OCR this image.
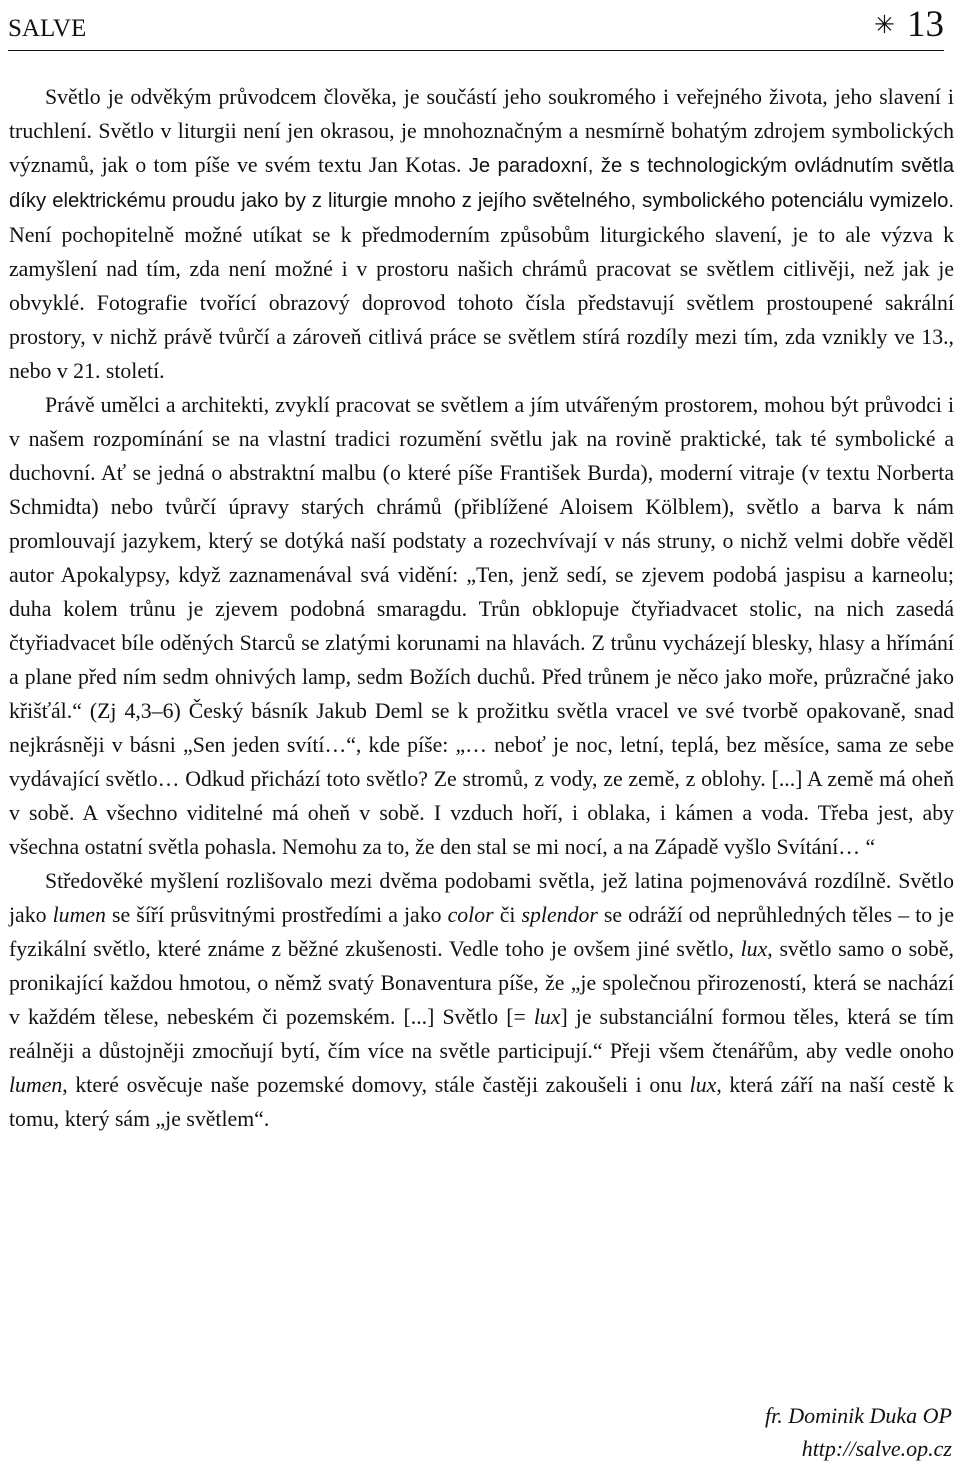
SALVE	✳ 13

Světlo je odvěkým průvodcem člověka, je součástí jeho soukromého i veřejného života, jeho slavení i truchlení. Světlo v liturgii není jen okrasou, je mnohoznačným a nesmírně bohatým zdrojem symbolických významů, jak o tom píše ve svém textu Jan Kotas. Je paradoxní, že s technologickým ovládnutím světla díky elektrickému proudu jako by z liturgie mnoho z jejího světelného, symbolického potenciálu vymizelo. Není pochopitelně možné utíkat se k předmoderním způsobům liturgického slavení, je to ale výzva k zamyšlení nad tím, zda není možné i v prostoru našich chrámů pracovat se světlem citlivěji, než jak je obvyklé. Fotografie tvořící obrazový doprovod tohoto čísla představují světlem prostoupené sakrální prostory, v nichž právě tvůrčí a zároveň citlivá práce se světlem stírá rozdíly mezi tím, zda vznikly ve 13., nebo v 21. století.

Právě umělci a architekti, zvyklí pracovat se světlem a jím utvářeným prostorem, mohou být průvodci i v našem rozpomínání se na vlastní tradici rozumění světlu jak na rovině praktické, tak té symbolické a duchovní. Ať se jedná o abstraktní malbu (o které píše František Burda), moderní vitraje (v textu Norberta Schmidta) nebo tvůrčí úpravy starých chrámů (přiblížené Aloisem Kölblem), světlo a barva k nám promlouvají jazykem, který se dotýká naší podstaty a rozechvívají v nás struny, o nichž velmi dobře věděl autor Apokalypsy, když zaznamenával svá vidění: „Ten, jenž sedí, se zjevem podobá jaspisu a karneolu; duha kolem trůnu je zjevem podobná smaragdu. Trůn obklopuje čtyřiadvacet stolic, na nich zasedá čtyřiadvacet bíle oděných Starců se zlatými korunami na hlavách. Z trůnu vycházejí blesky, hlasy a hřímání a plane před ním sedm ohnivých lamp, sedm Božích duchů. Před trůnem je něco jako moře, průzračné jako křišťál.“ (Zj 4,3–6) Český básník Jakub Deml se k prožitku světla vracel ve své tvorbě opakovaně, snad nejkrásněji v básni „Sen jeden svítí…“, kde píše: „… neboť je noc, letní, teplá, bez měsíce, sama ze sebe vydávající světlo… Odkud přichází toto světlo? Ze stromů, z vody, ze země, z oblohy. [...] A země má oheň v sobě. A všechno viditelné má oheň v sobě. I vzduch hoří, i oblaka, i kámen a voda. Třeba jest, aby všechna ostatní světla pohasla. Nemohu za to, že den stal se mi nocí, a na Západě vyšlo Svítání… “

Středověké myšlení rozlišovalo mezi dvěma podobami světla, jež latina pojmenovává rozdílně. Světlo jako lumen se šíří průsvitnými prostředími a jako color či splendor se odráží od neprůhledných těles – to je fyzikální světlo, které známe z běžné zkušenosti. Vedle toho je ovšem jiné světlo, lux, světlo samo o sobě, pronikající každou hmotou, o němž svatý Bonaventura píše, že „je společnou přirozeností, která se nachází v každém tělese, nebeském či pozemském. [...] Světlo [= lux] je substanciální formou těles, která se tím reálněji a důstojněji zmocňují bytí, čím více na světle participují.“ Přeji všem čtenářům, aby vedle onoho lumen, které osvěcuje naše pozemské domovy, stále častěji zakoušeli i onu lux, která září na naší cestě k tomu, který sám „je světlem“.

fr. Dominik Duka OP
http://salve.op.cz
